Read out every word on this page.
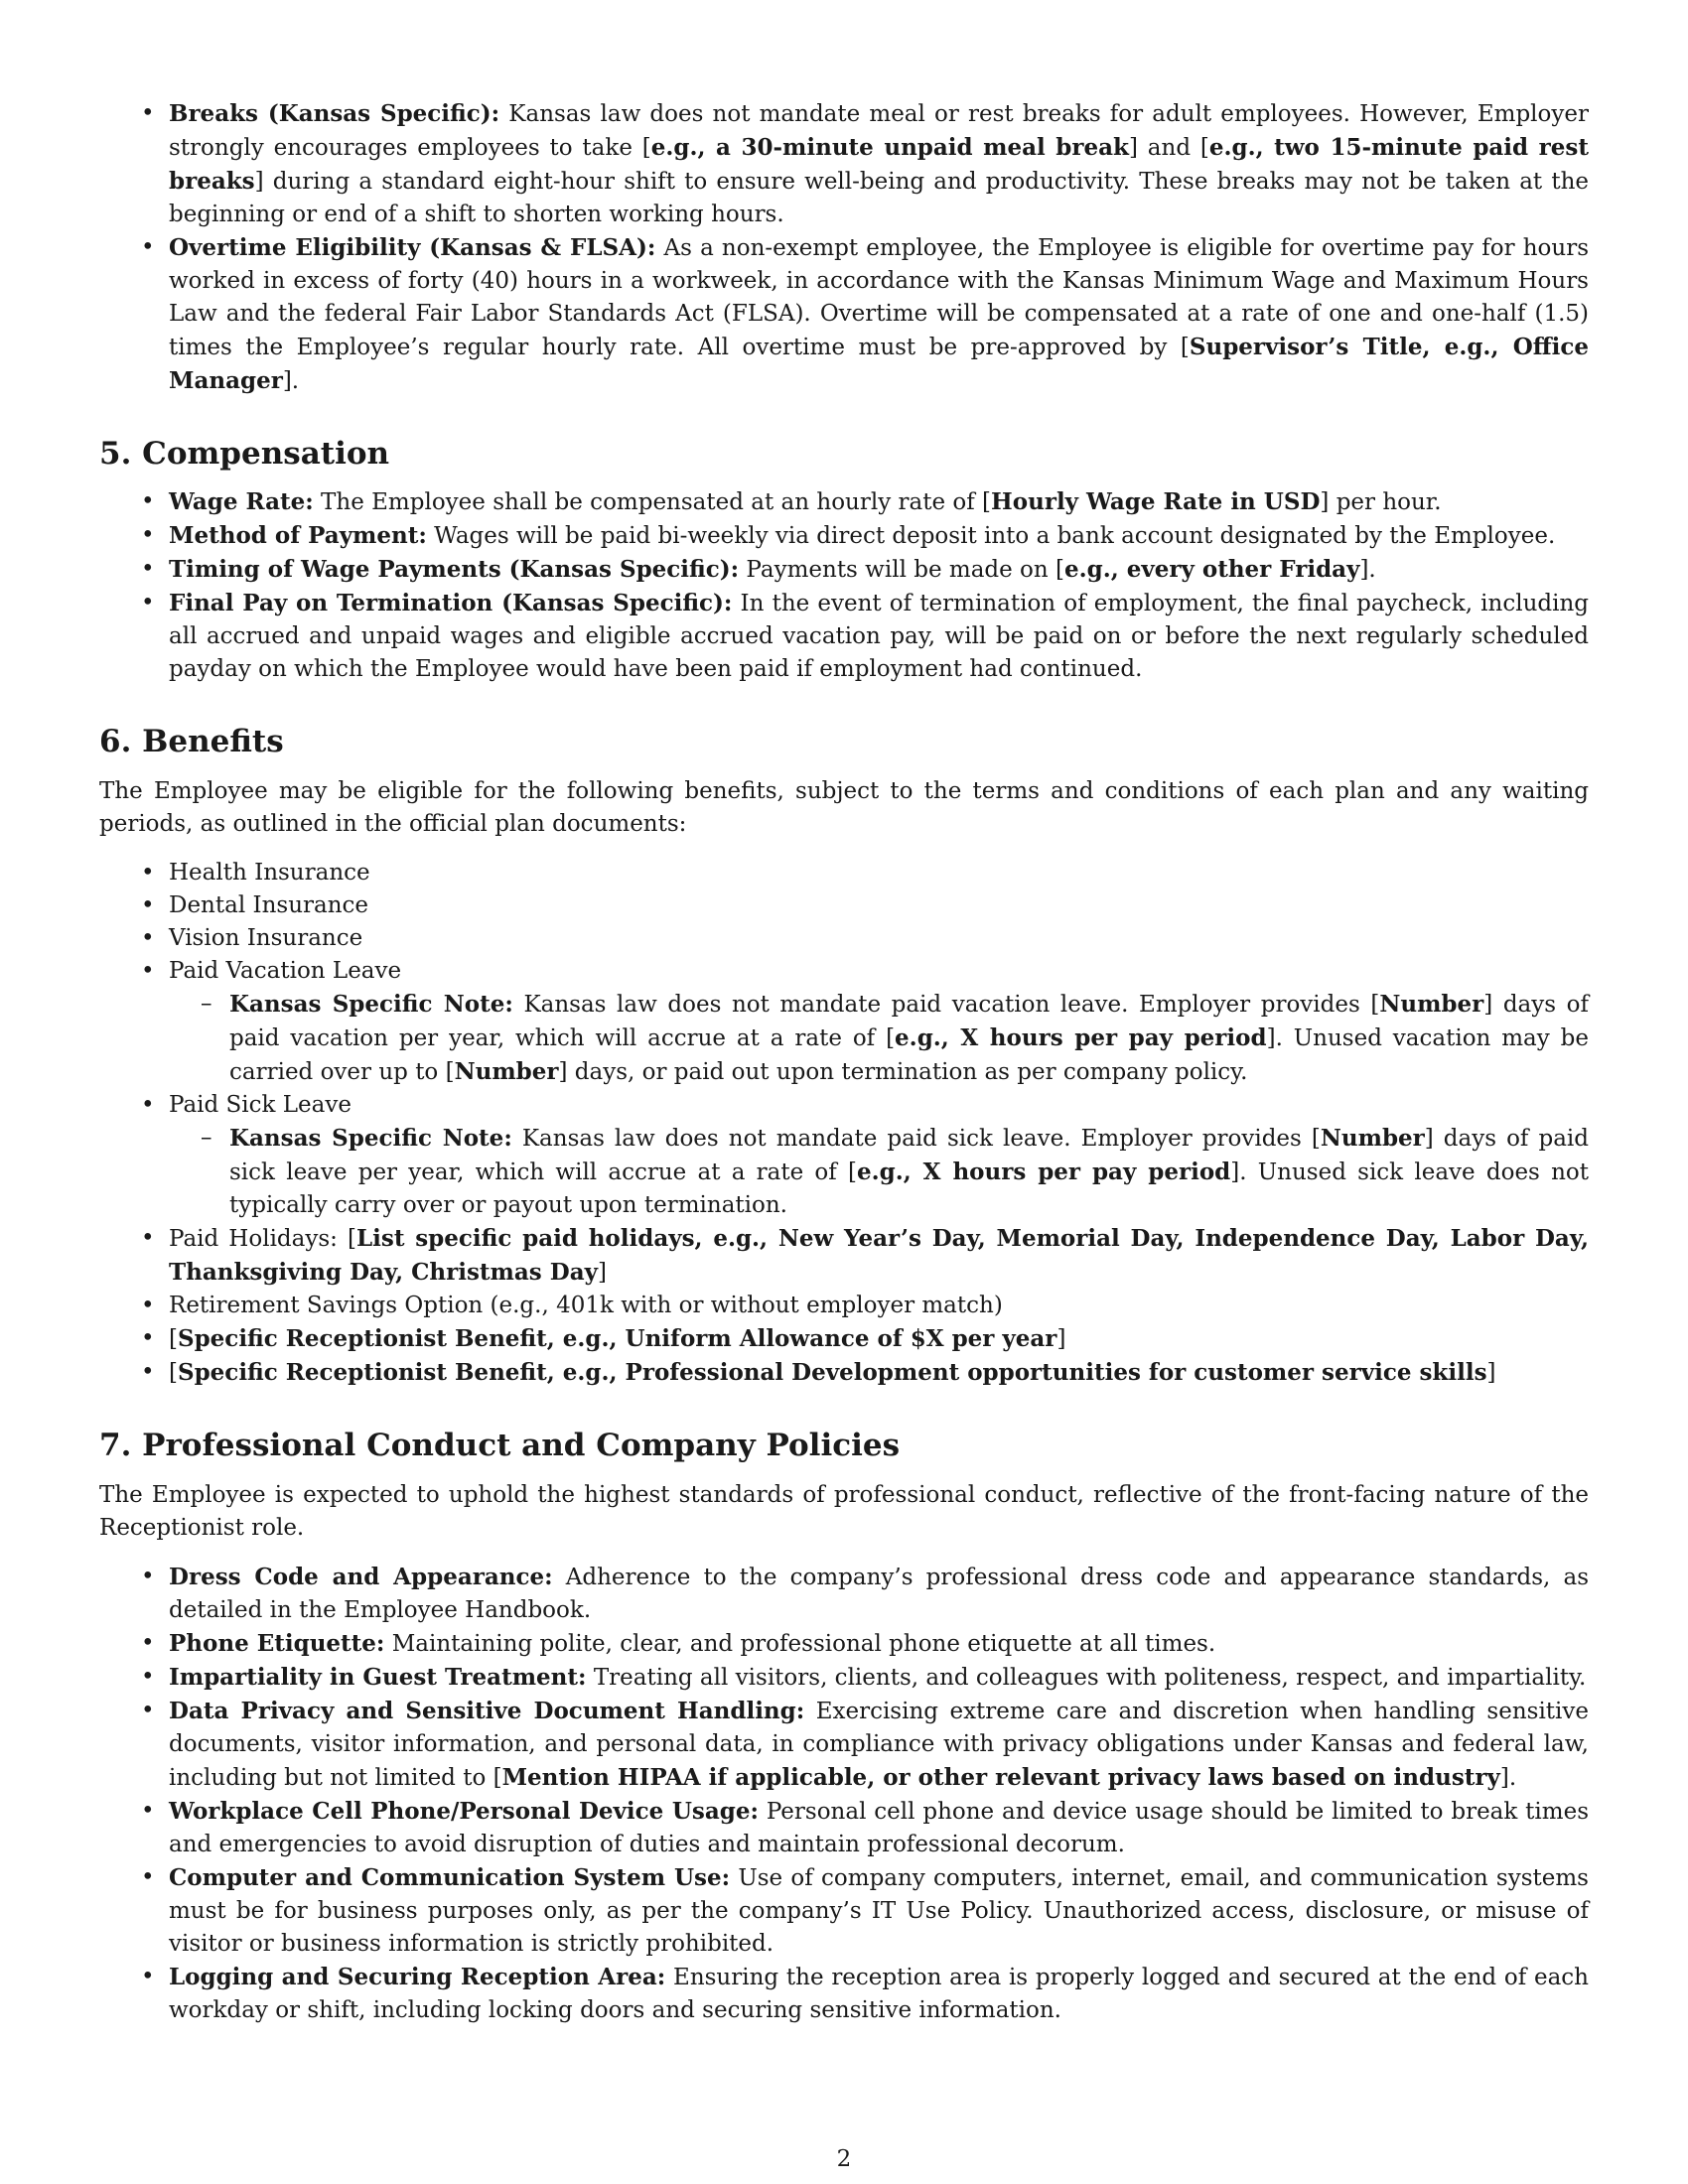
• Breaks (Kansas Specific): Kansas law does not mandate meal or rest breaks for adult employees. However, Employer strongly encourages employees to take [e.g., a 30-minute unpaid meal break] and [e.g., two 15-minute paid rest breaks] during a standard eight-hour shift to ensure well-being and productivity. These breaks may not be taken at the beginning or end of a shift to shorten working hours.
• Overtime Eligibility (Kansas & FLSA): As a non-exempt employee, the Employee is eligible for overtime pay for hours worked in excess of forty (40) hours in a workweek, in accordance with the Kansas Minimum Wage and Maximum Hours Law and the federal Fair Labor Standards Act (FLSA). Overtime will be compensated at a rate of one and one-half (1.5) times the Employee’s regular hourly rate. All overtime must be pre-approved by [Supervisor’s Title, e.g., Office Manager].
5. Compensation
• Wage Rate: The Employee shall be compensated at an hourly rate of [Hourly Wage Rate in USD] per hour.
• Method of Payment: Wages will be paid bi-weekly via direct deposit into a bank account designated by the Employee.
• Timing of Wage Payments (Kansas Specific): Payments will be made on [e.g., every other Friday].
• Final Pay on Termination (Kansas Specific): In the event of termination of employment, the final paycheck, including all accrued and unpaid wages and eligible accrued vacation pay, will be paid on or before the next regularly scheduled payday on which the Employee would have been paid if employment had continued.
6. Benefits

The Employee may be eligible for the following benefits, subject to the terms and conditions of each plan and any waiting periods, as outlined in the official plan documents:

• Health Insurance
• Dental Insurance
• Vision Insurance
• Paid Vacation Leave
– Kansas Specific Note: Kansas law does not mandate paid vacation leave. Employer provides [Number] days of paid vacation per year, which will accrue at a rate of [e.g., X hours per pay period]. Unused vacation may be carried over up to [Number] days, or paid out upon termination as per company policy.
• Paid Sick Leave
– Kansas Specific Note: Kansas law does not mandate paid sick leave. Employer provides [Number] days of paid sick leave per year, which will accrue at a rate of [e.g., X hours per pay period]. Unused sick leave does not typically carry over or payout upon termination.
• Paid Holidays: [List specific paid holidays, e.g., New Year’s Day, Memorial Day, Independence Day, Labor Day, Thanksgiving Day, Christmas Day]
• Retirement Savings Option (e.g., 401k with or without employer match)
• [Specific Receptionist Benefit, e.g., Uniform Allowance of $X per year]
• [Specific Receptionist Benefit, e.g., Professional Development opportunities for customer service skills]
7. Professional Conduct and Company Policies

The Employee is expected to uphold the highest standards of professional conduct, reflective of the front-facing nature of the Receptionist role.

• Dress Code and Appearance: Adherence to the company’s professional dress code and appearance standards, as detailed in the Employee Handbook.
• Phone Etiquette: Maintaining polite, clear, and professional phone etiquette at all times.
• Impartiality in Guest Treatment: Treating all visitors, clients, and colleagues with politeness, respect, and impartiality.
• Data Privacy and Sensitive Document Handling: Exercising extreme care and discretion when handling sensitive documents, visitor information, and personal data, in compliance with privacy obligations under Kansas and federal law, including but not limited to [Mention HIPAA if applicable, or other relevant privacy laws based on industry].
• Workplace Cell Phone/Personal Device Usage: Personal cell phone and device usage should be limited to break times and emergencies to avoid disruption of duties and maintain professional decorum.
• Computer and Communication System Use: Use of company computers, internet, email, and communication systems must be for business purposes only, as per the company’s IT Use Policy. Unauthorized access, disclosure, or misuse of visitor or business information is strictly prohibited.
• Logging and Securing Reception Area: Ensuring the reception area is properly logged and secured at the end of each workday or shift, including locking doors and securing sensitive information.
2
